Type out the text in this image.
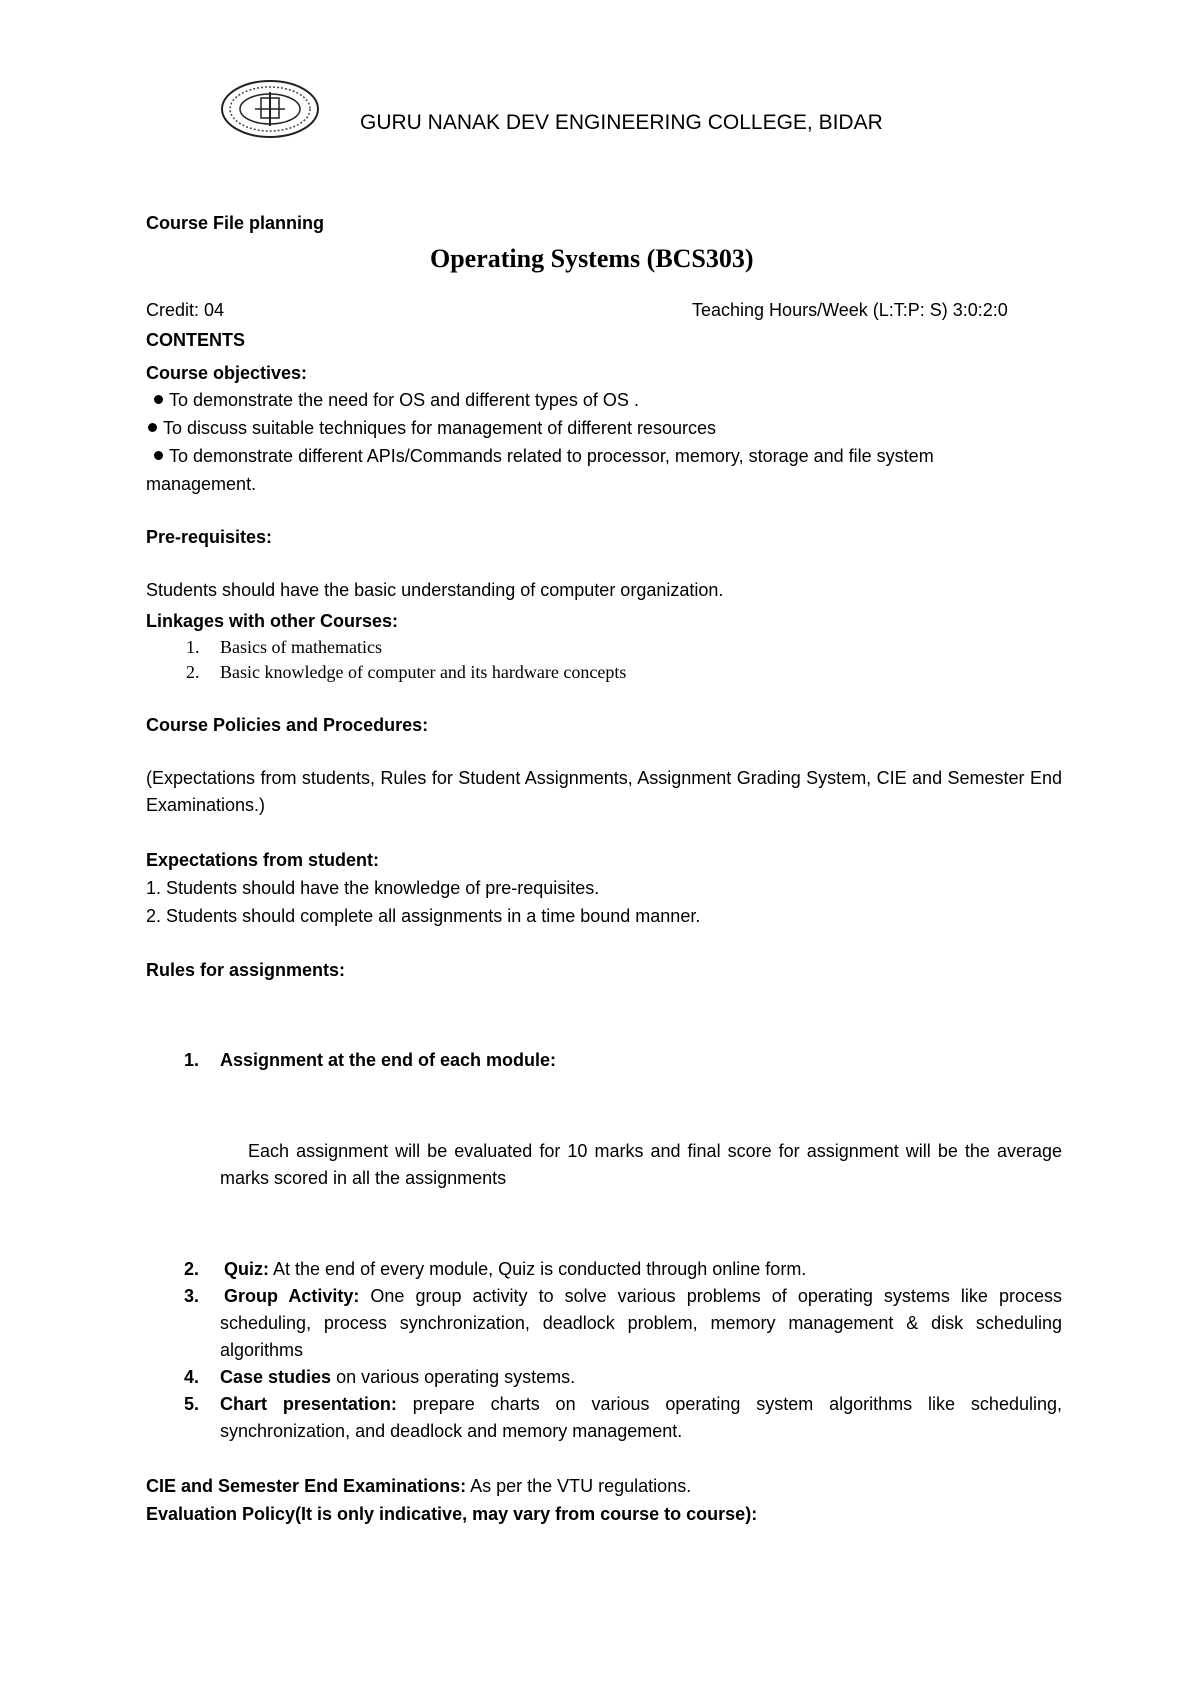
GURU NANAK DEV ENGINEERING COLLEGE, BIDAR
Course File planning
Operating Systems (BCS303)
Credit: 04	Teaching Hours/Week (L:T:P: S) 3:0:2:0
CONTENTS
Course objectives:
To demonstrate the need for OS and different types of OS .
To discuss suitable techniques for management of different resources
To demonstrate different APIs/Commands related to processor, memory, storage and file system
management.
Pre-requisites:
Students should have the basic understanding of computer organization.
Linkages with other Courses:
1. Basics of mathematics
2. Basic knowledge of computer and its hardware concepts
Course Policies and Procedures:
(Expectations from students, Rules for Student Assignments, Assignment Grading System, CIE and Semester End Examinations.)
Expectations from student:
1. Students should have the knowledge of pre-requisites.
2. Students should complete all assignments in a time bound manner.
Rules for assignments:
1. Assignment at the end of each module:
Each assignment will be evaluated for 10 marks and final score for assignment will be the average marks scored in all the assignments
2. Quiz: At the end of every module, Quiz is conducted through online form.
3. Group Activity: One group activity to solve various problems of operating systems like process scheduling, process synchronization, deadlock problem, memory management & disk scheduling algorithms
4. Case studies on various operating systems.
5. Chart presentation: prepare charts on various operating system algorithms like scheduling, synchronization, and deadlock and memory management.
CIE and Semester End Examinations: As per the VTU regulations.
Evaluation Policy(It is only indicative, may vary from course to course):
